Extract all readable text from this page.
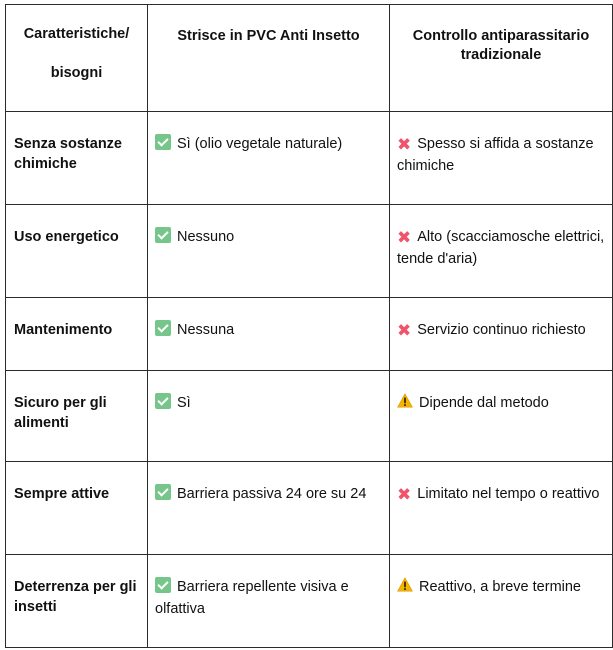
Caratteristiche/
bisogni	Strisce in PVC Anti Insetto	Controllo antiparassitario tradizionale
Senza sostanze chimiche	Sì (olio vegetale naturale)	✖ Spesso si affida a sostanze chimiche
Uso energetico	Nessuno	✖ Alto (scacciamosche elettrici, tende d'aria)
Mantenimento	Nessuna	✖ Servizio continuo richiesto
Sicuro per gli alimenti	Sì	Dipende dal metodo
Sempre attive	Barriera passiva 24 ore su 24	✖ Limitato nel tempo o reattivo
Deterrenza per gli insetti	Barriera repellente visiva e olfattiva	Reattivo, a breve termine
